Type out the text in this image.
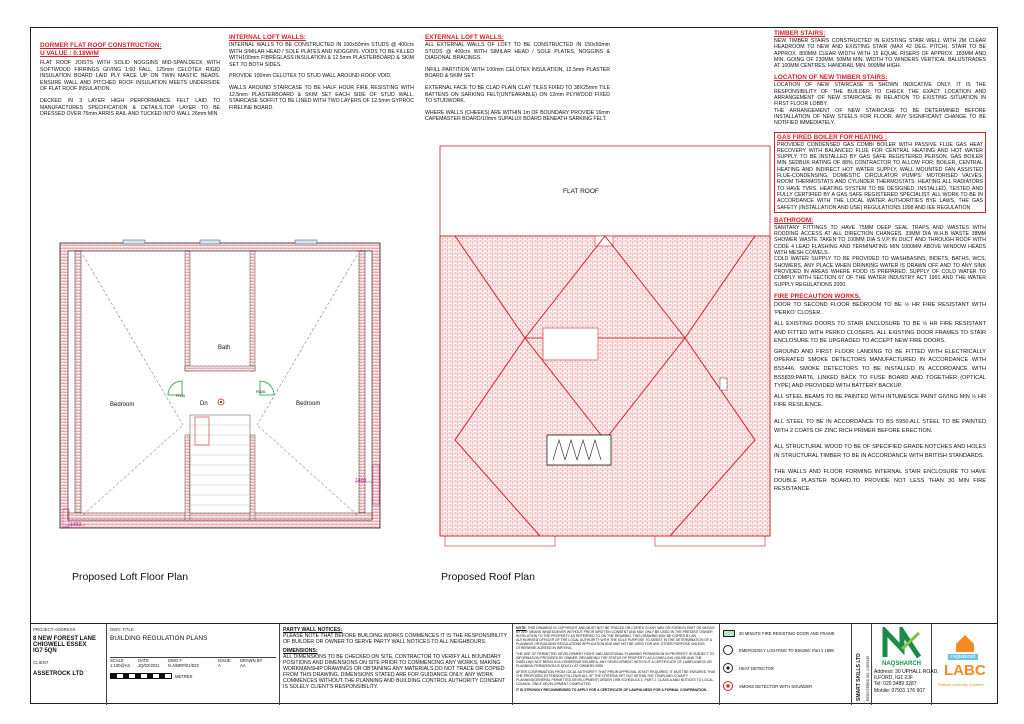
DORMER FLAT ROOF CONSTRUCTION:
U VALUE : 0.18W/M

FLAT ROOF JOISTS WITH SOLID NOGGINS MID-SPAN.DECK WITH SOFTWOOD FIRRINGS GIVING 1:60 FALL, 125mm CELOTEX RIGID INSULATION BOARD LAID PLY FACE UP ON TWIN MASTIC BEADS. ENSURE WALL AND PITCHED ROOF INSULATION MEETS UNDERSIDE OF FLAT ROOF INSULATION.

DECKED IN 3 LAYER HIGH PERFORMANCE FELT LAID TO MANUFACTURES SPECIFICATION & DETAILS.TOP LAYER TO BE DRESSED OVER 75mm ARRIS RAIL AND TUCKED INTO WALL 26mm MIN

INTERNAL LOFT WALLS:

INTERNAL WALLS TO BE CONSTRUCTED IN 100x50mm STUDS @ 400crs WITH SIMILAR HEAD / SOLE PLATES AND NOGGINS. VOIDS TO BE FILLED WITH100mm FIBREGLASS INSULATION & 12.5mm PLASTERBOARD & SKIM SET TO BOTH SIDES.

PROVIDE 100mm CELOTEX TO STUD WALL AROUND ROOF VOID.

WALLS AROUND STAIRCASE TO BE HALF HOUR FIRE RESISTING WITH 12.5mm PLASTERBOARD & SKIM SET EACH SIDE OF STUD WALL. STAIRCASE SOFFIT TO BE LINED WITH TWO LAYERS OF 12.5mm GYPROC FIRELINE BOARD.

EXTERNAL LOFT WALLS:

ALL EXTERNAL WALLS OF LOFT TO BE CONSTRUCTED IN 150x50mm STUDS @ 400crs WITH SIMILAR HEAD / SOLE PLATES, NOGGINS & DIAGONAL BRACINGS.

INFILL PARTITION WITH 100mm CELOTEX INSULATION, 12.5mm PLASTER BOARD & SKIM SET.

EXTERNAL FACE TO BE CLAD PLAIN CLAY TILES FIXED TO 38X25mm TILE BATTENS ON SARKING FELT(UNTEARABLE) ON 12mm PLYWOOD FIXED TO STUDWORK.

WHERE WALLS (CHEEKS) ARE WITHIN 1m OF BOUNDARY PROVIDE 16mm CAPEMASTER BOARD/10mm SUPALUX BOARD BENEATH SARKING FELT.

TIMBER STAIRS:

NEW TIMBER STAIRS CONSTRUCTED IN EXISTING STAIR WELL WITH 2M CLEAR HEADROOM TO NEW AND EXISTING STAIR (MAX 42 DEG. PITCH). STAIR TO BE APPROX. 800MM CLEAR WIDTH WITH 15 EQUAL RISERS OF APPROX. 183MM AND MIN. GOING OF 230MM. 50MM MIN. WIDTH TO WINDERS VERTICAL BALUSTRADES AT 100MM CENTRES. HANDRAIL MIN. 900MM HIGH.

LOCATION OF NEW TIMBER STAIRS:

LOCATION OF NEW STAIRCASE IS SHOWN INDICATIVE ONLY. IT IS THE RESPONSIBILITY OF THE BUILDER TO CHECK THE EXACT LOCATION AND ARRANGEMENT OF NEW STAIRCASE IN RELATION TO EXISTING SITUATION IN FIRST FLOOR LOBBY.

THE ARRANGEMENT OF NEW STAIRCASE TO BE DETERMINED BEFORE INSTALLATION OF NEW STEELS FOR FLOOR. ANY SIGNIFICANT CHANGE TO BE NOTIFIED IMMEDIATELY.

GAS FIRED BOILER FOR HEATING :

PROVIDED CONDENSED GAS COMBI BOILER WITH PASSIVE FLUE GAS HEAT RECOVERY WITH BALANCED FLUE FOR CENTRAL HEATING AND HOT WATER SUPPLY. TO BE INSTALLED BY GAS SAFE REGISTERED PERSON. GAS BOILER MIN SEDBUK RATING OF 88% CONTRACTOR TO ALLOW FOR; BOILER, CENTRAL HEATING AND INDIRECT HOT WATER SUPPLY, WALL MOUNTED FAN ASSISTED FLUE-CONDENSING, DOMESTIC CIRCULATOR PUMPS: MOTORISED VALVES, ROOM THERMOSTATS AND CYLINDER THERMOSTATS. HEATING ALL RADIATORS TO HAVE TVRS. HEATING SYSTEM TO BE DESIGNED, INSTALLED, TESTED AND FULLY CERTIFIED BY A GAS SAFE REGISTERED SPECIALIST. ALL WORK TO BE IN ACCORDANCE WITH THE LOCAL WATER AUTHORITIES BYE LAWS, THE GAS SAFETY (INSTALLATION AND USE) REGULATIONS 1998 AND IEE REGULATION

BATHROOM:

SANITARY FITTINGS TO HAVE 75MM DEEP SEAL TRAPS AND WASTES WITH RODDING ACCESS AT ALL DIRECTION CHANGES. 33MM DIA W.H.B WASTE 38MM SHOWER WASTE TAKEN TO 100MM DIA S.V.P IN DUCT AND THROUGH ROOF WITH CODE 4 LEAD FLASHING AND TERMINATING MIN 1000MM ABOVE WINDOW HEADS WITH MESH COWELS.

COLD WATER SUPPLY TO BE PROVIDED TO WASHBASINS, BIDETS, BATHS, WCS, SHOWERS, ANY PLACE WHEN DRINKING WATER IS DRAWN OFF AND TO ANY SINK PROVIDED IN AREAS WHERE FOOD IS PREPARED. SUPPLY OF COLD WATER TO COMPLY WITH SECTION 67 OF THE WATER INDUSTRY ACT 1991 AND THE WATER SUPPLY REGULATIONS 2000.

FIRE PRECAUTION WORKS.

DOOR TO SECOND FLOOR BEDROOM TO BE ½ HR FIRE RESISTANT WITH 'PERKO' CLOSER.

ALL EXISTING DOORS TO STAIR ENCLOSURE TO BE ½ HR FIRE RESISTANT AND FITTED WITH PERKO CLOSERS. ALL EXISTING DOOR FRAMES TO STAIR ENCLOSURE TO BE UPGRADED TO ACCEPT NEW FIRE DOORS.

GROUND AND FIRST FLOOR LANDING TO BE FITTED WITH ELECTRICALLY OPERATED SMOKE DETECTORS MANUFACTURED IN ACCORDANCE WITH BS5446. SMOKE DETECTORS TO BE INSTALLED IN ACCORDANCE WITH BS5839:PART6, LINKED BACK TO FUSE BOARD AND TOGETHER (OPTICAL TYPE) AND PROVIDED WITH BATTERY BACKUP.

ALL STEEL BEAMS TO BE PAINTED WITH INTUMESCE PAINT GIVING MIN ½ HR FIRE RESILIENCE.

ALL STEEL TO BE IN ACCORDANCE TO BS 5950.ALL STEEL TO BE PAINTED WITH 2 COATS OF ZINC RICH PRIMER BEFORE ERECTION.

ALL STRUCTURAL WOOD TO BE OF SPECIFIED GRADE.NOTCHES AND HOLES IN STRUCTURAL TIMBER TO BE IN ACCORDANCE WITH BRITISH STANDARDS.

THE WALLS AND FLOOR FORMING INTERNAL STAIR ENCLOSURE TO HAVE DOUBLE PLASTER BOARD.TO PROVIDE NOT LESS THAN 30 MIN FIRE RESISTANCE.

Bedroom	Bedroom
Bath
Dn
FD30
FD30
1400
1400
Proposed Loft Floor Plan
FLAT ROOF
Proposed Roof Plan
PROJECT ADDRESS
8 NEW FOREST LANE
CHIGWELL ESSEX
IG7 5QN
CLIENT
ASSETROCK LTD
DWG TITLE
BUILDING REGULATION PLANS
SCALE
1:100@A3
DATE
JQ/02/2021
DWG #
N.A/BRP/01/023
ISSUE
A
DRAWN BY
AA
METRES
PARTY WALL NOTICES:
PLEASE NOTE THAT BEFORE BUILDING WORKS COMMENCES IT IS THE RESPONSIBILITY OF BUILDER OR OWNER TO SERVE PARTY WALL NOTICES TO ALL NEIGHBOURS.
DIMENSIONS:
ALL DIMENSIONS TO BE CHECKED ON SITE. CONTRACTOR TO VERIFY ALL BOUNDARY POSITIONS AND DIMENSIONS ON SITE PRIOR TO COMMENCING ANY WORKS, MAKING WORKMANSHIP DRAWINGS OR OBTAINING ANY MATERIALS.DO NOT TRACE OR COPIED FROM THIS DRAWING. DIMENSIONS STATED ARE FOR GUIDANCE ONLY. ANY WORK COMMENCES WITHOUT THE PLANNING AND BUILDING CONTROL AUTHORITY CONSENT IS SOLELY CLIENT'S RESPONSIBILITY.
NOTE: THIS DRAWING IS COPYRIGHT AND MUST NOT BE TRACED OR COPIED IN ANY WAY OR FORM IN PART OR WHOLE BY ANY MEANS WHATSOEVER WITHOUT PRIOR WRITTEN CONSENT AND MAY ONLY BE USED IN THE PRESENT OWNER IN RELATION TO THE PROPERTY AS REFERRED TO ON THE DRAWING. THIS DRAWING MAY BE COPIED BY AN AUTHORISED OFFICER OF THE LOCAL AUTHORITY WITH THE SOLE PURPOSE TO ASSIST IN THE DETERMINATION OF A PLANNING OR BUILDING REGULATIONS APPLICATION AND MAY NOT BE USED FOR ANY OTHER PURPOSE UNLESS OTHERWISE AGREED IN WRITING.
THE USE OF PERMITTED DEVELOPMENT RIGHT AND ADDITIONAL PLANNING PERMISSION IN PROPERTY IS SUBJECT TO INFORMATION PROVIDED BY OWNER. REGARDING THE STATUS OF PROPERTY AS A DWELLING HOUSE AND THE DWELLING NOT BEING IN A CONSERVATION AREA. ANY DEVELOPMENT WITH OUT A CERTIFICATE OF LAWFULNESS OR PLANNING PERMISSION IS SOLELY AT OWNERS RISK.
AFTER CONFIRMATION FROM LOCAL AUTHORITY THAT PRIOR APPROVAL IS NOT REQUIRED, IT MUST BE ENSURED THAT THE PROPOSED EXTENSION FOLLOWS ALL OF THE CRITERIA SET OUT WITHIN THE TOWN AND COUNTY PLANNING(GENERAL PERMITTED DEVELOPMENT) ORDER 1995 SCHEDULE 2, PART 1, CLASS A AND NOTICES TO LOCAL COUNCIL ONCE DEVELOPMENT COMPLETED.
IT IS STRONGLY RECOMMENDED TO APPLY FOR A CERTIFICATE OF LAWFULNESS FOR A FORMAL CONFIRMATION.
30 MINUTE FIRE RESISTING DOOR AND FRAME
EMERGENCY LIGHTING TO BS5266: Part 1 1988
HEAT DETECTOR
SMOKE DETECTOR WITH SOUNDER	SMART SKILLS LTD REGISTERED NO. 10876345	NAQSHARCH
Address: 30 UPHALL ROAD,
ILFORD, IG1 2JF
Tel: 020 3489 3287
Mobile: 07931 176 907
registered
LABC
Partner Authority Scheme
